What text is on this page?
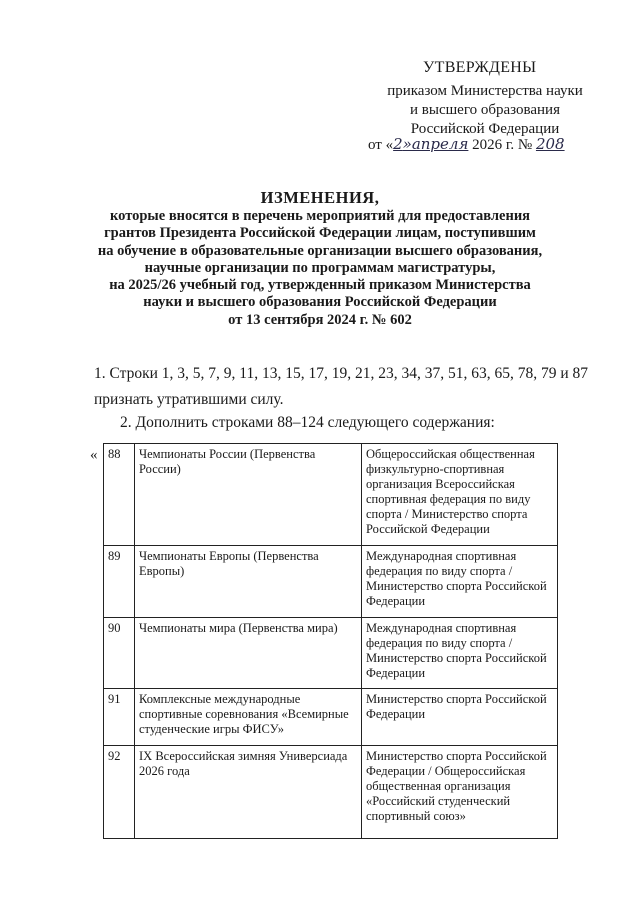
УТВЕРЖДЕНЫ
приказом Министерства науки
и высшего образования
Российской Федерации
от «2»апреля 2026 г. № 208
ИЗМЕНЕНИЯ,
которые вносятся в перечень мероприятий для предоставления
грантов Президента Российской Федерации лицам, поступившим
на обучение в образовательные организации высшего образования,
научные организации по программам магистратуры,
на 2025/26 учебный год, утвержденный приказом Министерства
науки и высшего образования Российской Федерации
от 13 сентября 2024 г. № 602
1. Строки 1, 3, 5, 7, 9, 11, 13, 15, 17, 19, 21, 23, 34, 37, 51, 63, 65, 78, 79 и 87
признать утратившими силу.
2. Дополнить строками 88–124 следующего содержания:
« 88	Чемпионаты России (Первенства России)	Общероссийская общественная физкультурно-спортивная организация Всероссийская спортивная федерация по виду спорта / Министерство спорта Российской Федерации
89	Чемпионаты Европы (Первенства Европы)	Международная спортивная федерация по виду спорта / Министерство спорта Российской Федерации
90	Чемпионаты мира (Первенства мира)	Международная спортивная федерация по виду спорта / Министерство спорта Российской Федерации
91	Комплексные международные спортивные соревнования «Всемирные студенческие игры ФИСУ»	Министерство спорта Российской Федерации
92	IX Всероссийская зимняя Универсиада 2026 года	Министерство спорта Российской Федерации / Общероссийская общественная организация «Российский студенческий спортивный союз»
